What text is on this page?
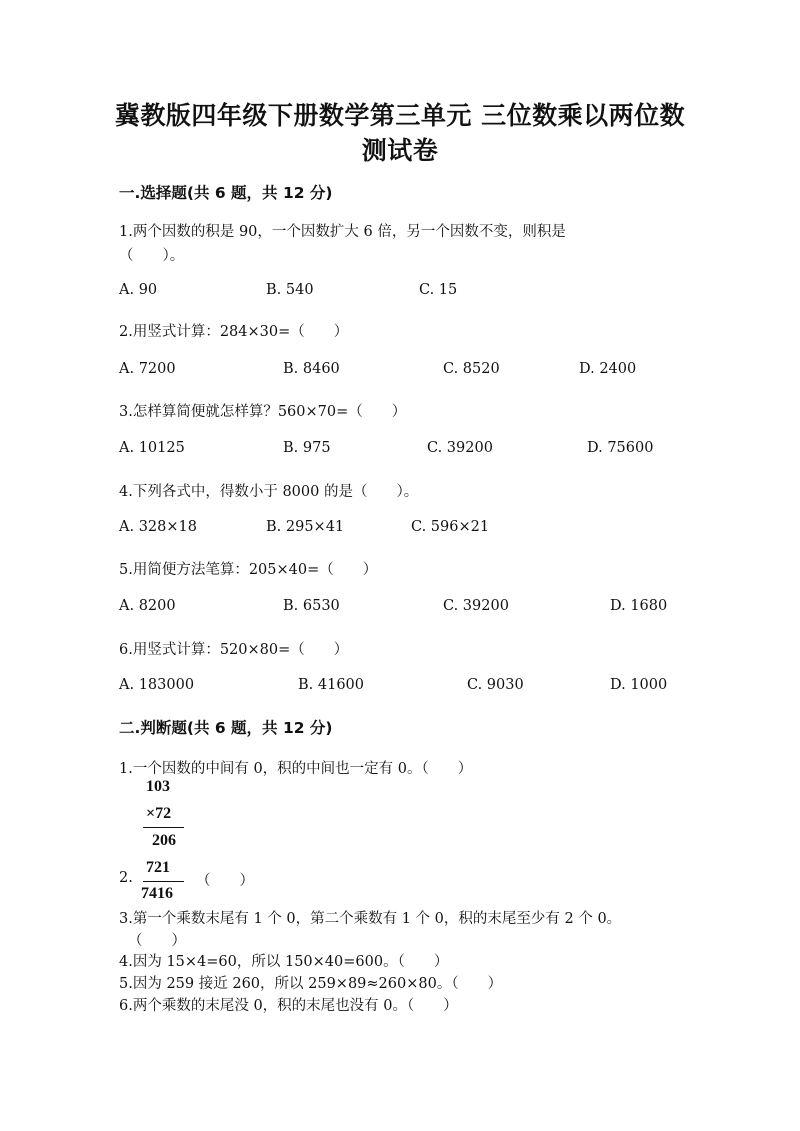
冀教版四年级下册数学第三单元 三位数乘以两位数
测试卷
一.选择题(共 6 题，共 12 分)
1.两个因数的积是 90，一个因数扩大 6 倍，另一个因数不变，则积是
（　　）。
A. 90	B. 540	C. 15
2.用竖式计算：284×30=（　　）
A. 7200	B. 8460	C. 8520	D. 2400
3.怎样算简便就怎样算？560×70=（　　）
A. 10125	B. 975	C. 39200	D. 75600
4.下列各式中，得数小于 8000 的是（　　）。
A. 328×18	B. 295×41	C. 596×21
5.用简便方法笔算：205×40=（　　）
A. 8200	B. 6530	C. 39200	D. 1680
6.用竖式计算：520×80=（　　）
A. 183000	B. 41600	C. 9030	D. 1000
二.判断题(共 6 题，共 12 分)
1.一个因数的中间有 0，积的中间也一定有 0。（　　）
103
×72
206
2.
721
7416
（　　）
3.第一个乘数末尾有 1 个 0，第二个乘数有 1 个 0，积的末尾至少有 2 个 0。
（　　）
4.因为 15×4=60，所以 150×40=600。（　　）
5.因为 259 接近 260，所以 259×89≈260×80。（　　）
6.两个乘数的末尾没 0，积的末尾也没有 0。（　　）
